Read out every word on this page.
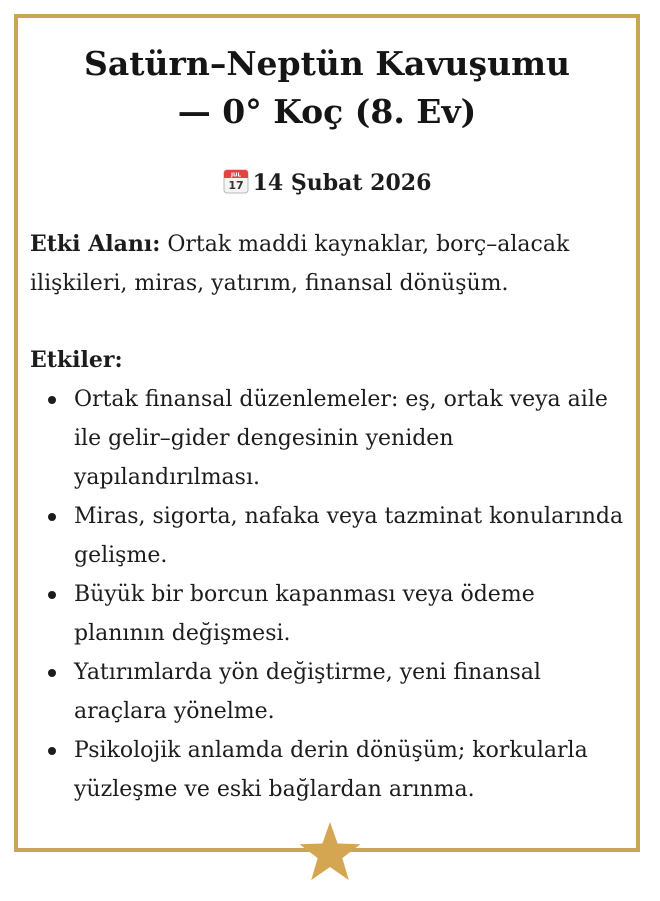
Satürn–Neptün Kavuşumu
— 0° Koç (8. Ev)
JUL
17 14 Şubat 2026

Etki Alanı: Ortak maddi kaynaklar, borç–alacak ilişkileri, miras, yatırım, finansal dönüşüm.

Etkiler:

Ortak finansal düzenlemeler: eş, ortak veya aile ile gelir–gider dengesinin yeniden yapılandırılması.
Miras, sigorta, nafaka veya tazminat konularında gelişme.
Büyük bir borcun kapanması veya ödeme planının değişmesi.
Yatırımlarda yön değiştirme, yeni finansal araçlara yönelme.
Psikolojik anlamda derin dönüşüm; korkularla yüzleşme ve eski bağlardan arınma.
